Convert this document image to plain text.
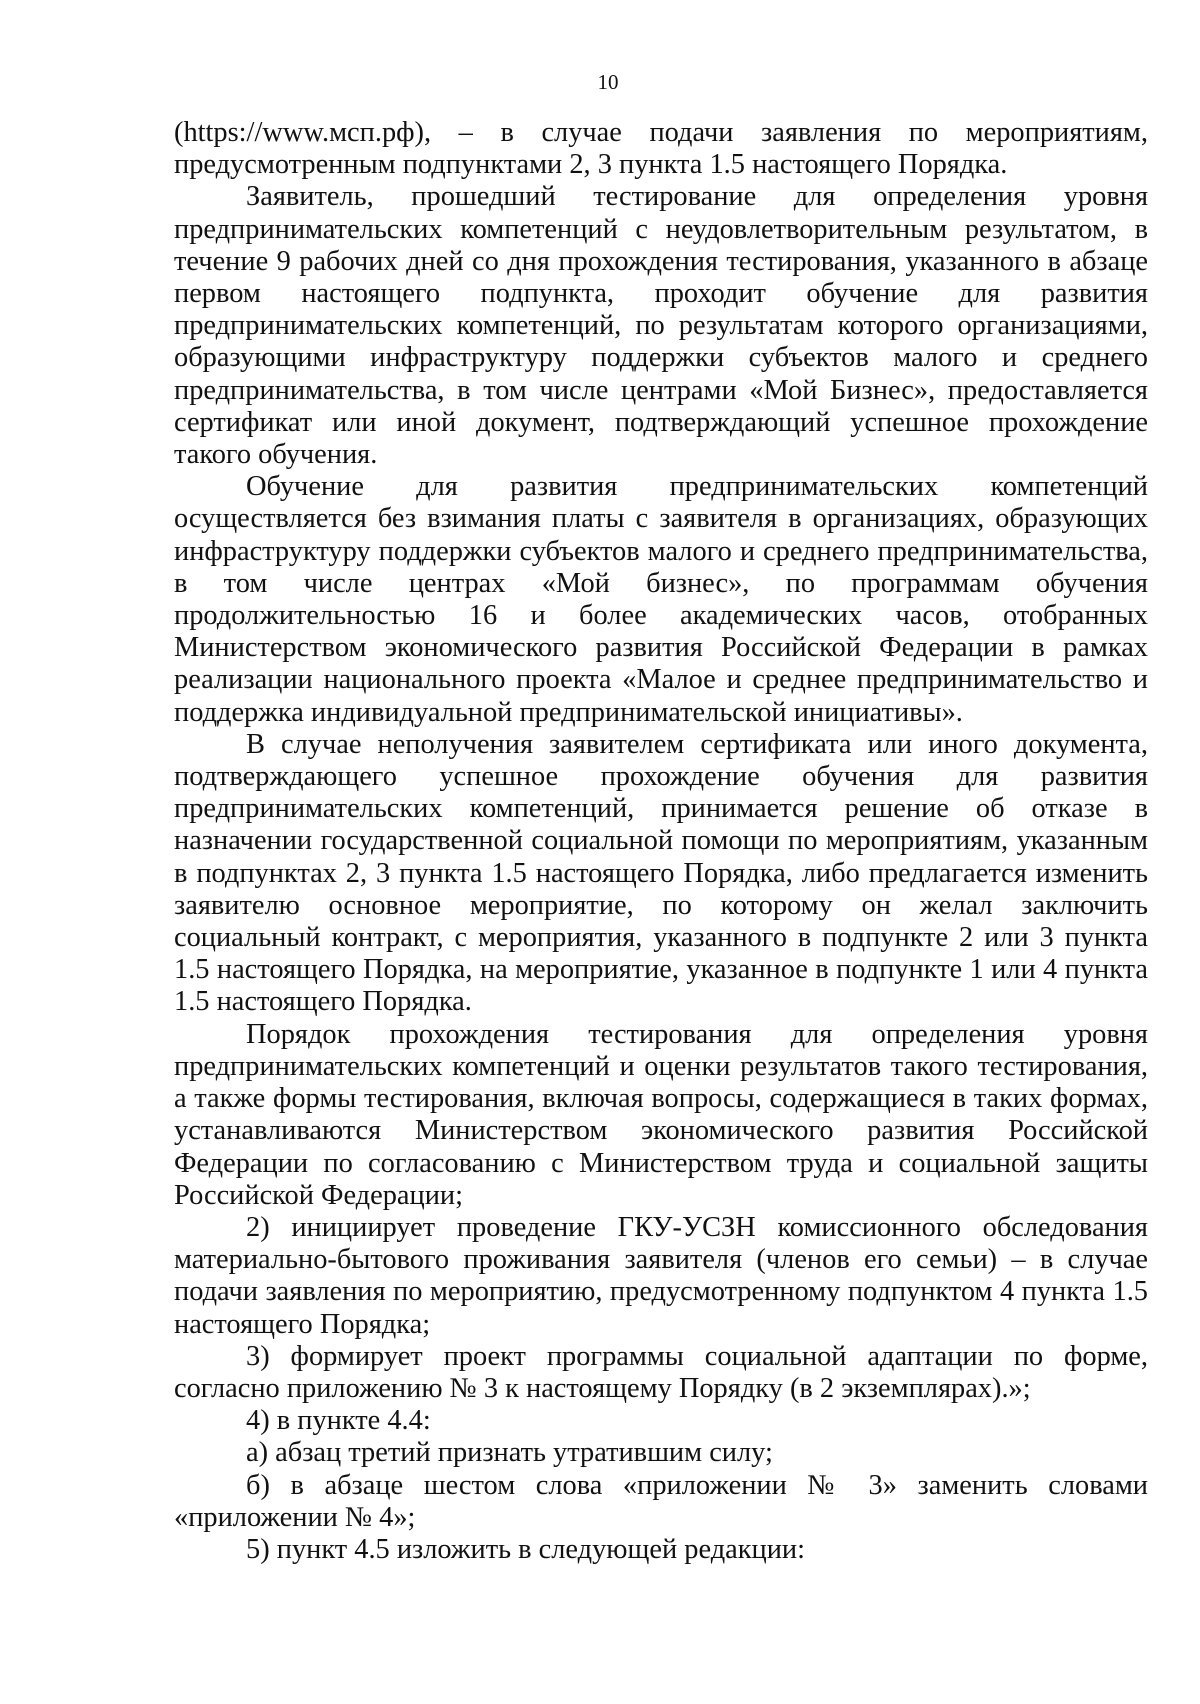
10

(https://www.мсп.рф), – в случае подачи заявления по мероприятиям, предусмотренным подпунктами 2, 3 пункта 1.5 настоящего Порядка.

Заявитель, прошедший тестирование для определения уровня предпринимательских компетенций с неудовлетворительным результатом, в течение 9 рабочих дней со дня прохождения тестирования, указанного в абзаце первом настоящего подпункта, проходит обучение для развития предпринимательских компетенций, по результатам которого организациями, образующими инфраструктуру поддержки субъектов малого и среднего предпринимательства, в том числе центрами «Мой Бизнес», предоставляется сертификат или иной документ, подтверждающий успешное прохождение такого обучения.

Обучение для развития предпринимательских компетенций осуществляется без взимания платы с заявителя в организациях, образующих инфраструктуру поддержки субъектов малого и среднего предпринимательства, в том числе центрах «Мой бизнес», по программам обучения продолжительностью 16 и более академических часов, отобранных Министерством экономического развития Российской Федерации в рамках реализации национального проекта «Малое и среднее предпринимательство и поддержка индивидуальной предпринимательской инициативы».

В случае неполучения заявителем сертификата или иного документа, подтверждающего успешное прохождение обучения для развития предпринимательских компетенций, принимается решение об отказе в назначении государственной социальной помощи по мероприятиям, указанным в подпунктах 2, 3 пункта 1.5 настоящего Порядка, либо предлагается изменить заявителю основное мероприятие, по которому он желал заключить социальный контракт, с мероприятия, указанного в подпункте 2 или 3 пункта 1.5 настоящего Порядка, на мероприятие, указанное в подпункте 1 или 4 пункта 1.5 настоящего Порядка.

Порядок прохождения тестирования для определения уровня предпринимательских компетенций и оценки результатов такого тестирования, а также формы тестирования, включая вопросы, содержащиеся в таких формах, устанавливаются Министерством экономического развития Российской Федерации по согласованию с Министерством труда и социальной защиты Российской Федерации;

2) инициирует проведение ГКУ-УСЗН комиссионного обследования материально-бытового проживания заявителя (членов его семьи) – в случае подачи заявления по мероприятию, предусмотренному подпунктом 4 пункта 1.5 настоящего Порядка;

3) формирует проект программы социальной адаптации по форме, согласно приложению № 3 к настоящему Порядку (в 2 экземплярах).»;

4) в пункте 4.4:

а) абзац третий признать утратившим силу;

б) в абзаце шестом слова «приложении № 3» заменить словами «приложении № 4»;

5) пункт 4.5 изложить в следующей редакции:
